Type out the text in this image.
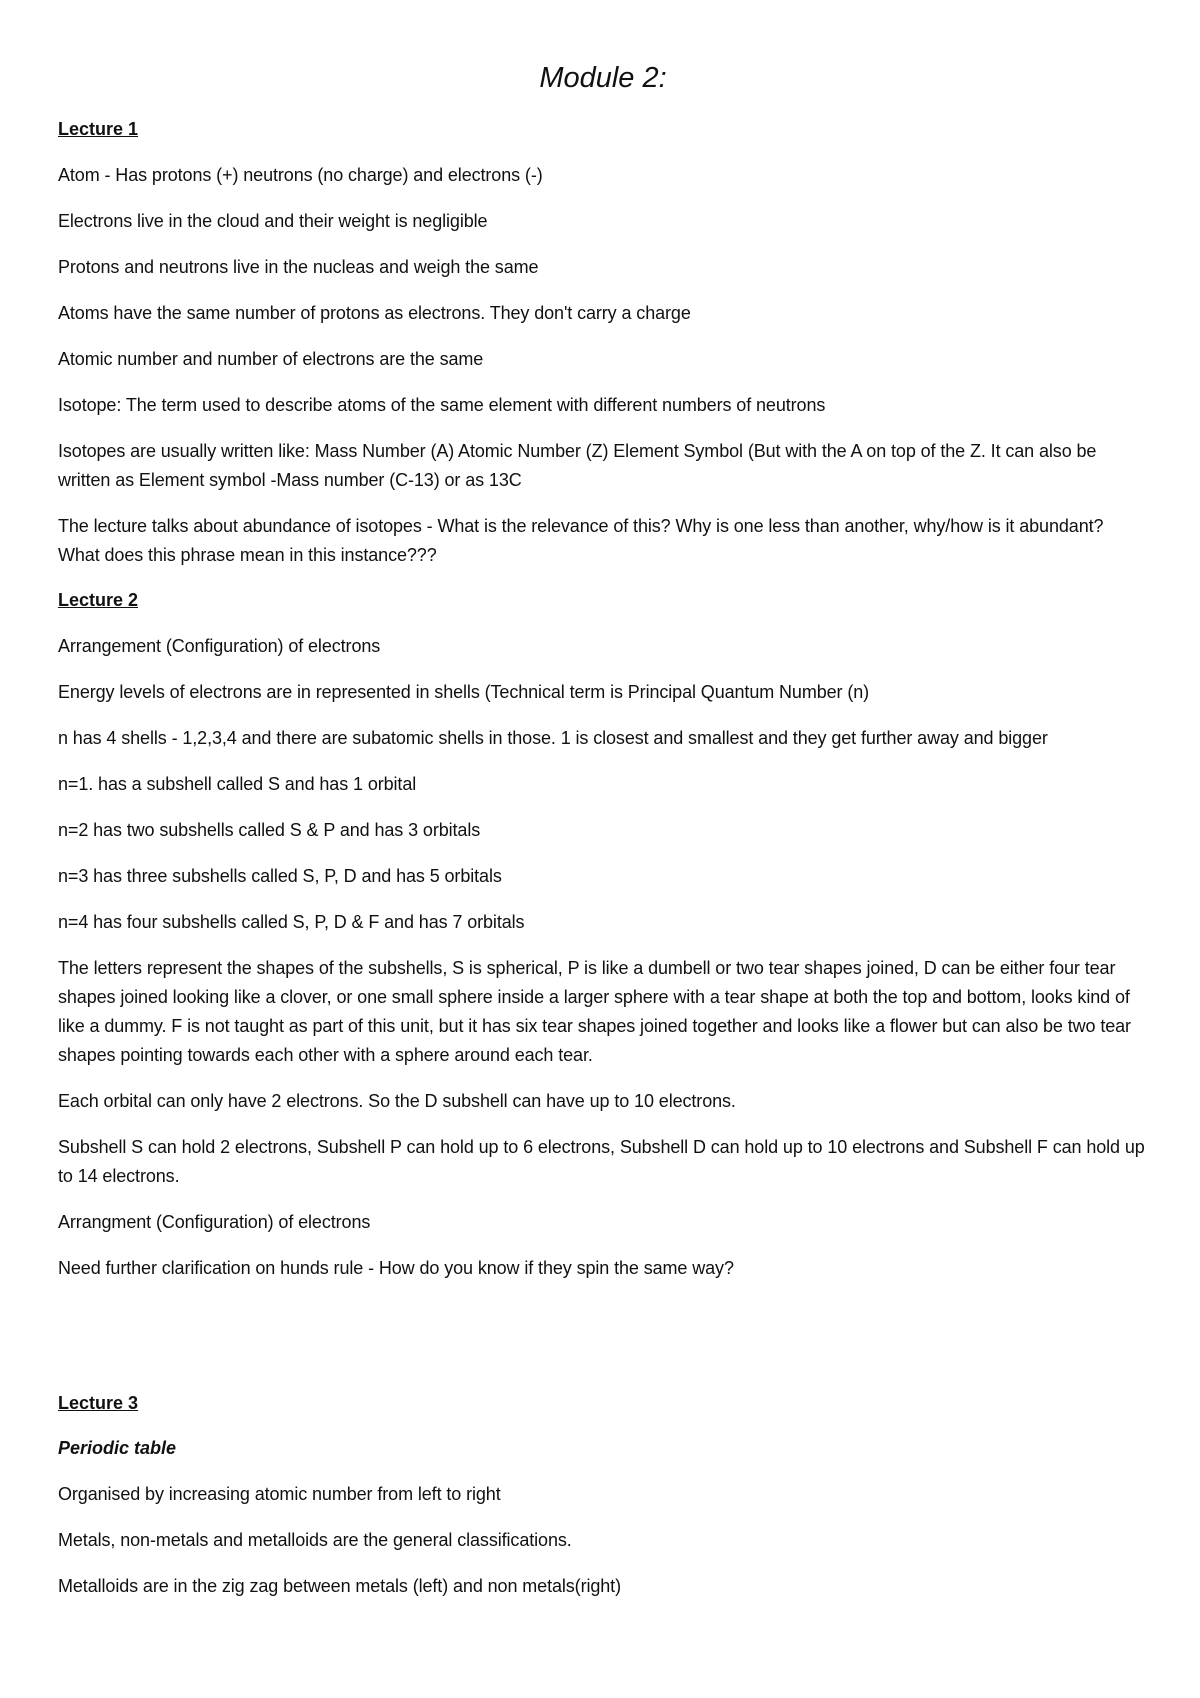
Module 2:
Lecture 1
Atom - Has protons (+) neutrons (no charge) and electrons (-)
Electrons live in the cloud and their weight is negligible
Protons and neutrons live in the nucleas and weigh the same
Atoms have the same number of protons as electrons. They don't carry a charge
Atomic number and number of electrons are the same
Isotope: The term used to describe atoms of the same element with different numbers of neutrons
Isotopes are usually written like: Mass Number (A) Atomic Number (Z) Element Symbol (But with the A on top of the Z. It can also be written as Element symbol -Mass number (C-13) or as 13C
The lecture talks about abundance of isotopes - What is the relevance of this? Why is one less than another, why/how is it abundant? What does this phrase mean in this instance???
Lecture 2
Arrangement (Configuration) of electrons
Energy levels of electrons are in represented in shells (Technical term is Principal Quantum Number (n)
n has 4 shells - 1,2,3,4 and there are subatomic shells in those. 1 is closest and smallest and they get further away and bigger
n=1. has a subshell called S and has 1 orbital
n=2 has two subshells called S & P and has 3 orbitals
n=3 has three subshells called S, P, D and has 5 orbitals
n=4 has four subshells called S, P, D & F and has 7 orbitals
The letters represent the shapes of the subshells, S is spherical, P is like a dumbell or two tear shapes joined, D can be either four tear shapes joined looking like a clover, or one small sphere inside a larger sphere with a tear shape at both the top and bottom, looks kind of like a dummy. F is not taught as part of this unit, but it has six tear shapes joined together and looks like a flower but can also be two tear shapes pointing towards each other with a sphere around each tear.
Each orbital can only have 2 electrons. So the D subshell can have up to 10 electrons.
Subshell S can hold 2 electrons, Subshell P can hold up to 6 electrons, Subshell D can hold up to 10 electrons and Subshell F can hold up to 14 electrons.
Arrangment (Configuration) of electrons
Need further clarification on hunds rule - How do you know if they spin the same way?
Lecture 3
Periodic table
Organised by increasing atomic number from left to right
Metals, non-metals and metalloids are the general classifications.
Metalloids are in the zig zag between metals (left) and non metals(right)
